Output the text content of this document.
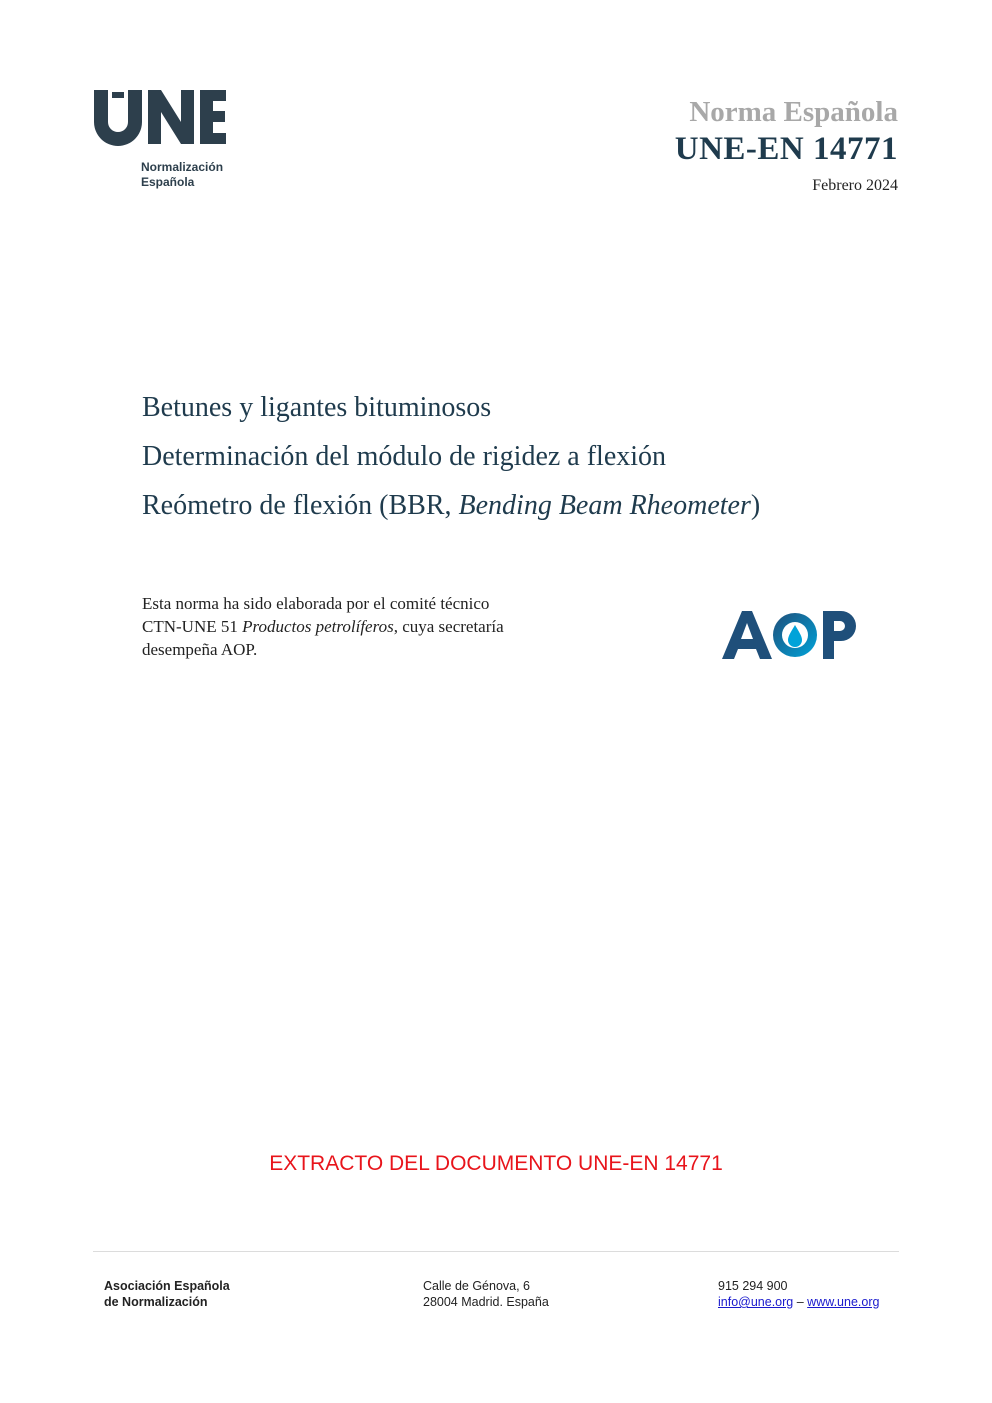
Normalización
Española
Norma Española
UNE-EN 14771
Febrero 2024
Betunes y ligantes bituminosos
Determinación del módulo de rigidez a flexión
Reómetro de flexión (BBR, Bending Beam Rheometer)
Esta norma ha sido elaborada por el comité técnico
CTN-UNE 51 Productos petrolíferos, cuya secretaría
desempeña AOP.
EXTRACTO DEL DOCUMENTO UNE-EN 14771
Asociación Española
de Normalización
Calle de Génova, 6
28004 Madrid. España
915 294 900
info@une.org – www.une.org
